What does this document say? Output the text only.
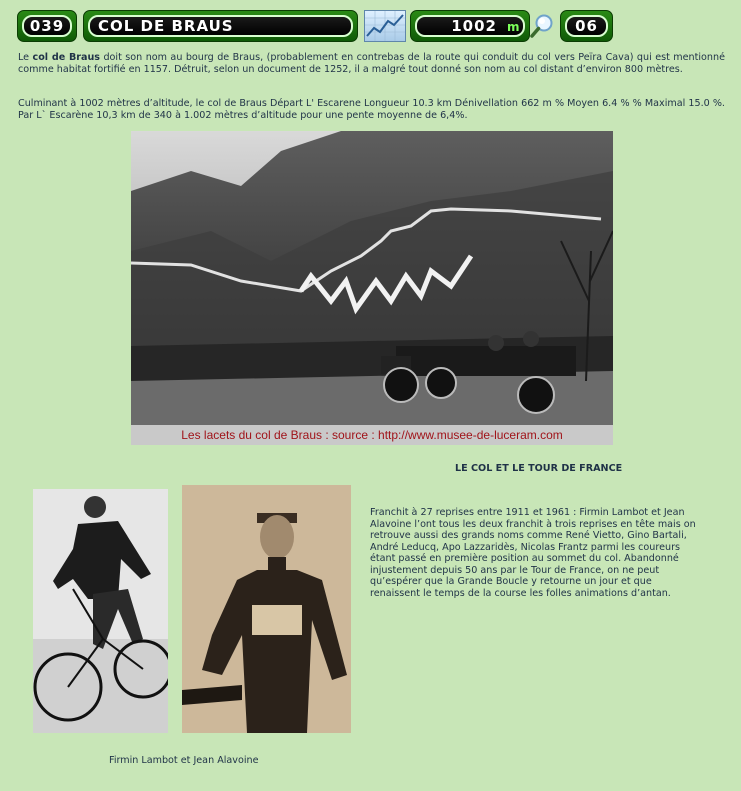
039 COL DE BRAUS	1002 m	06

Le col de Braus doit son nom au bourg de Braus, (probablement en contrebas de la route qui conduit du col vers Peïra Cava) qui est mentionné comme habitat fortifié en 1157. Détruit, selon un document de 1252, il a malgré tout donné son nom au col distant d’environ 800 mètres.

Culminant à 1002 mètres d’altitude, le col de Braus Départ L' Escarene Longueur 10.3 km Dénivellation 662 m % Moyen 6.4 % % Maximal 15.0 %. Par L` Escarène 10,3 km de 340 à 1.002 mètres d’altitude pour une pente moyenne de 6,4%.

Les lacets du col de Braus : source : http://www.musee-de-luceram.com
LE COL ET LE TOUR DE FRANCE

Franchit à 27 reprises entre 1911 et 1961 : Firmin Lambot et Jean Alavoine l’ont tous les deux franchit à trois reprises en tête mais on retrouve aussi des grands noms comme René Vietto, Gino Bartali, André Leducq, Apo Lazzaridès, Nicolas Frantz parmi les coureurs étant passé en première position au sommet du col. Abandonné injustement depuis 50 ans par le Tour de France, on ne peut qu’espérer que la Grande Boucle y retourne un jour et que renaissent le temps de la course les folles animations d’antan.

Firmin Lambot et Jean Alavoine
